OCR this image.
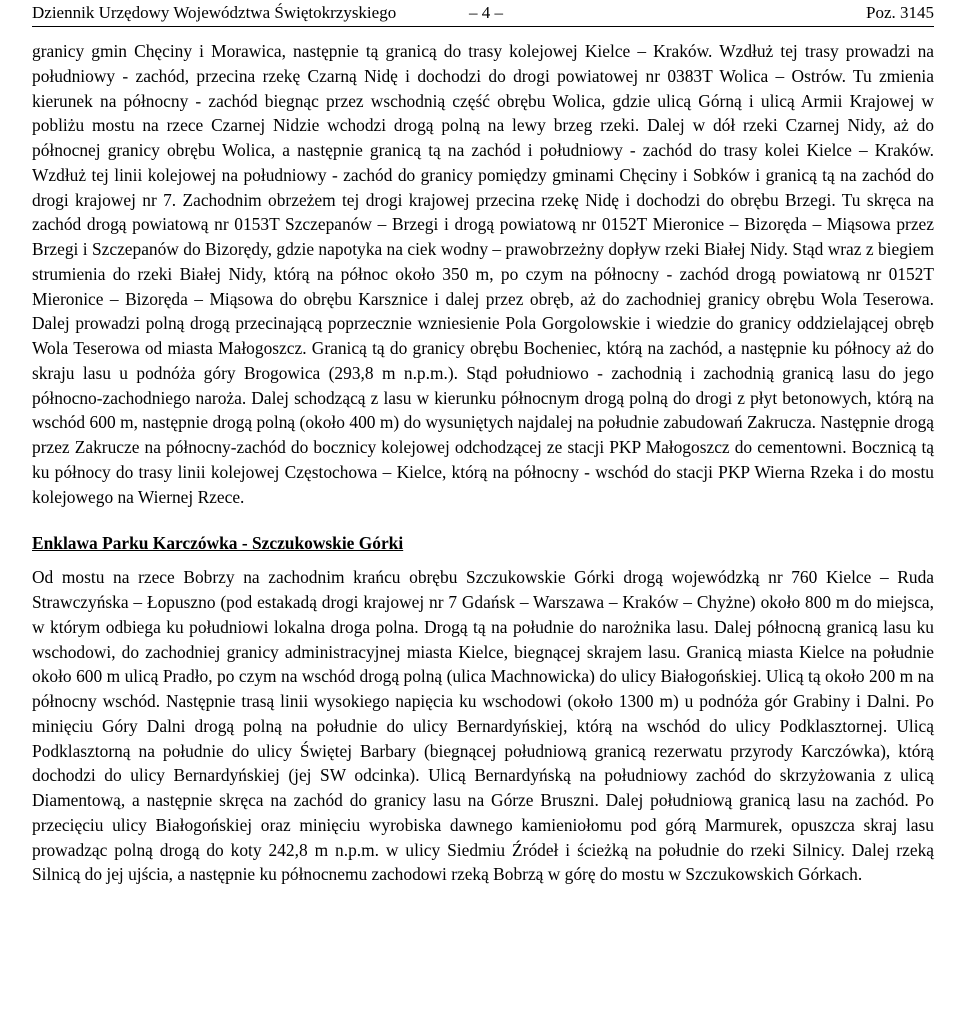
Dziennik Urzędowy Województwa Świętokrzyskiego	– 4 –	Poz. 3145

granicy gmin Chęciny i Morawica, następnie tą granicą do trasy kolejowej Kielce – Kraków. Wzdłuż tej trasy prowadzi na południowy - zachód, przecina rzekę Czarną Nidę i dochodzi do drogi powiatowej nr 0383T Wolica – Ostrów. Tu zmienia kierunek na północny - zachód biegnąc przez wschodnią część obrębu Wolica, gdzie ulicą Górną i ulicą Armii Krajowej w pobliżu mostu na rzece Czarnej Nidzie wchodzi drogą polną na lewy brzeg rzeki. Dalej w dół rzeki Czarnej Nidy, aż do północnej granicy obrębu Wolica, a następnie granicą tą na zachód i południowy - zachód do trasy kolei Kielce – Kraków. Wzdłuż tej linii kolejowej na południowy - zachód do granicy pomiędzy gminami Chęciny i Sobków i granicą tą na zachód do drogi krajowej nr 7. Zachodnim obrzeżem tej drogi krajowej przecina rzekę Nidę i dochodzi do obrębu Brzegi. Tu skręca na zachód drogą powiatową nr 0153T Szczepanów – Brzegi i drogą powiatową nr 0152T Mieronice – Bizoręda – Miąsowa przez Brzegi i Szczepanów do Bizorędy, gdzie napotyka na ciek wodny – prawobrzeżny dopływ rzeki Białej Nidy. Stąd wraz z biegiem strumienia do rzeki Białej Nidy, którą na północ około 350 m, po czym na północny - zachód drogą powiatową nr 0152T Mieronice – Bizoręda – Miąsowa do obrębu Karsznice i dalej przez obręb, aż do zachodniej granicy obrębu Wola Teserowa. Dalej prowadzi polną drogą przecinającą poprzecznie wzniesienie Pola Gorgolowskie i wiedzie do granicy oddzielającej obręb Wola Teserowa od miasta Małogoszcz. Granicą tą do granicy obrębu Bocheniec, którą na zachód, a następnie ku północy aż do skraju lasu u podnóża góry Brogowica (293,8 m n.p.m.). Stąd południowo - zachodnią i zachodnią granicą lasu do jego północno-zachodniego naroża. Dalej schodzącą z lasu w kierunku północnym drogą polną do drogi z płyt betonowych, którą na wschód 600 m, następnie drogą polną (około 400 m) do wysuniętych najdalej na południe zabudowań Zakrucza. Następnie drogą przez Zakrucze na północny-zachód do bocznicy kolejowej odchodzącej ze stacji PKP Małogoszcz do cementowni. Bocznicą tą ku północy do trasy linii kolejowej Częstochowa – Kielce, którą na północny - wschód do stacji PKP Wierna Rzeka i do mostu kolejowego na Wiernej Rzece.

Enklawa Parku Karczówka - Szczukowskie Górki

Od mostu na rzece Bobrzy na zachodnim krańcu obrębu Szczukowskie Górki drogą wojewódzką nr 760 Kielce – Ruda Strawczyńska – Łopuszno (pod estakadą drogi krajowej nr 7 Gdańsk – Warszawa – Kraków – Chyżne) około 800 m do miejsca, w którym odbiega ku południowi lokalna droga polna. Drogą tą na południe do narożnika lasu. Dalej północną granicą lasu ku wschodowi, do zachodniej granicy administracyjnej miasta Kielce, biegnącej skrajem lasu. Granicą miasta Kielce na południe około 600 m ulicą Pradło, po czym na wschód drogą polną (ulica Machnowicka) do ulicy Białogońskiej. Ulicą tą około 200 m na północny wschód. Następnie trasą linii wysokiego napięcia ku wschodowi (około 1300 m) u podnóża gór Grabiny i Dalni. Po minięciu Góry Dalni drogą polną na południe do ulicy Bernardyńskiej, którą na wschód do ulicy Podklasztornej. Ulicą Podklasztorną na południe do ulicy Świętej Barbary (biegnącej południową granicą rezerwatu przyrody Karczówka), którą dochodzi do ulicy Bernardyńskiej (jej SW odcinka). Ulicą Bernardyńską na południowy zachód do skrzyżowania z ulicą Diamentową, a następnie skręca na zachód do granicy lasu na Górze Bruszni. Dalej południową granicą lasu na zachód. Po przecięciu ulicy Białogońskiej oraz minięciu wyrobiska dawnego kamieniołomu pod górą Marmurek, opuszcza skraj lasu prowadząc polną drogą do koty 242,8 m n.p.m. w ulicy Siedmiu Źródeł i ścieżką na południe do rzeki Silnicy. Dalej rzeką Silnicą do jej ujścia, a następnie ku północnemu zachodowi rzeką Bobrzą w górę do mostu w Szczukowskich Górkach.
